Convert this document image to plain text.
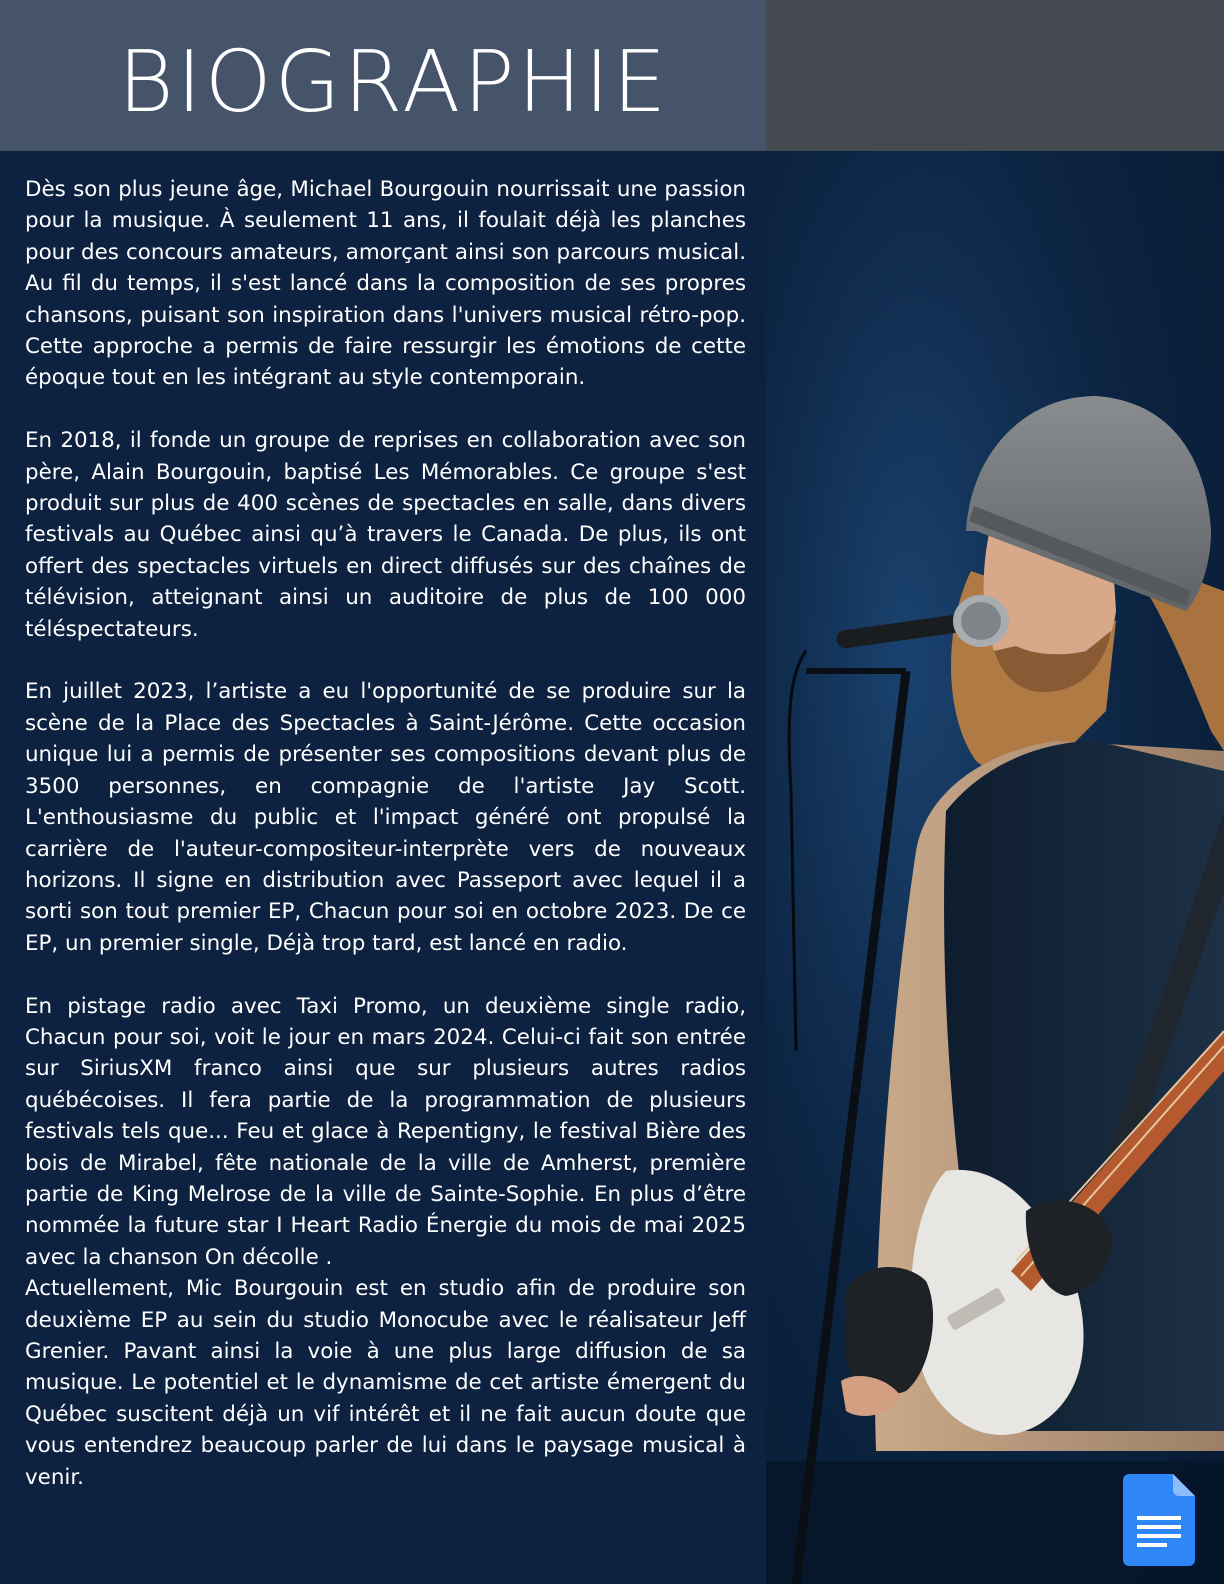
BIOGRAPHIE

Dès son plus jeune âge, Michael Bourgouin nourrissait une passion pour la musique. À seulement 11 ans, il foulait déjà les planches pour des concours amateurs, amorçant ainsi son parcours musical. Au fil du temps, il s'est lancé dans la composition de ses propres chansons, puisant son inspiration dans l'univers musical rétro-pop. Cette approche a permis de faire ressurgir les émotions de cette époque tout en les intégrant au style contemporain.

En 2018, il fonde un groupe de reprises en collaboration avec son père, Alain Bourgouin, baptisé Les Mémorables. Ce groupe s'est produit sur plus de 400 scènes de spectacles en salle, dans divers festivals au Québec ainsi qu’à travers le Canada. De plus, ils ont offert des spectacles virtuels en direct diffusés sur des chaînes de télévision, atteignant ainsi un auditoire de plus de 100 000 téléspectateurs.

En juillet 2023, l’artiste a eu l'opportunité de se produire sur la scène de la Place des Spectacles à Saint-Jérôme. Cette occasion unique lui a permis de présenter ses compositions devant plus de 3500 personnes, en compagnie de l'artiste Jay Scott. L'enthousiasme du public et l'impact généré ont propulsé la carrière de l'auteur-compositeur-interprète vers de nouveaux horizons. Il signe en distribution avec Passeport avec lequel il a sorti son tout premier EP, Chacun pour soi en octobre 2023. De ce EP, un premier single, Déjà trop tard, est lancé en radio.

En pistage radio avec Taxi Promo, un deuxième single radio, Chacun pour soi, voit le jour en mars 2024. Celui-ci fait son entrée sur SiriusXM franco ainsi que sur plusieurs autres radios québécoises. Il fera partie de la programmation de plusieurs festivals tels que... Feu et glace à Repentigny, le festival Bière des bois de Mirabel, fête nationale de la ville de Amherst, première partie de King Melrose de la ville de Sainte-Sophie. En plus d’être nommée la future star I Heart Radio Énergie du mois de mai 2025 avec la chanson On décolle .

Actuellement, Mic Bourgouin est en studio afin de produire son deuxième EP au sein du studio Monocube avec le réalisateur Jeff Grenier. Pavant ainsi la voie à une plus large diffusion de sa musique. Le potentiel et le dynamisme de cet artiste émergent du Québec suscitent déjà un vif intérêt et il ne fait aucun doute que vous entendrez beaucoup parler de lui dans le paysage musical à venir.
